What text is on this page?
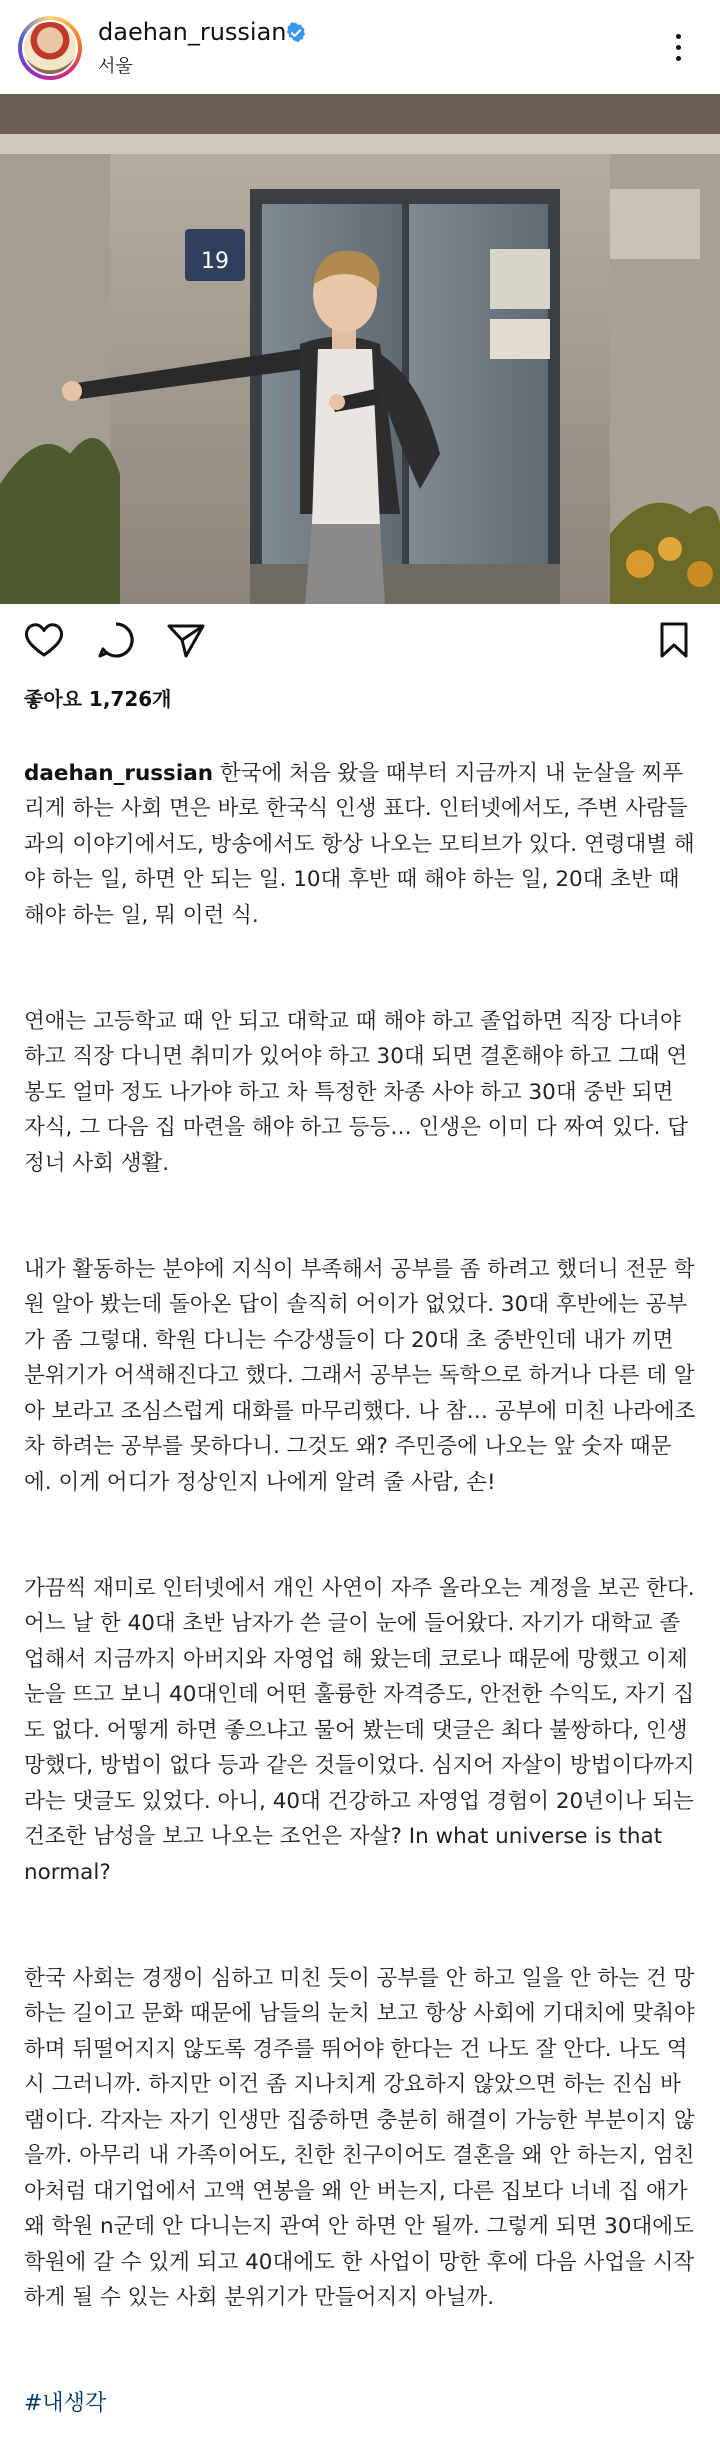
daehan_russian
서울
19
좋아요 1,726개

daehan_russian 한국에 처음 왔을 때부터 지금까지 내 눈살을 찌푸리게 하는 사회 면은 바로 한국식 인생 표다. 인터넷에서도, 주변 사람들과의 이야기에서도, 방송에서도 항상 나오는 모티브가 있다. 연령대별 해야 하는 일, 하면 안 되는 일. 10대 후반 때 해야 하는 일, 20대 초반 때 해야 하는 일, 뭐 이런 식.

연애는 고등학교 때 안 되고 대학교 때 해야 하고 졸업하면 직장 다녀야 하고 직장 다니면 취미가 있어야 하고 30대 되면 결혼해야 하고 그때 연봉도 얼마 정도 나가야 하고 차 특정한 차종 사야 하고 30대 중반 되면 자식, 그 다음 집 마련을 해야 하고 등등… 인생은 이미 다 짜여 있다. 답정너 사회 생활.

내가 활동하는 분야에 지식이 부족해서 공부를 좀 하려고 했더니 전문 학원 알아 봤는데 돌아온 답이 솔직히 어이가 없었다. 30대 후반에는 공부가 좀 그렇대. 학원 다니는 수강생들이 다 20대 초 중반인데 내가 끼면 분위기가 어색해진다고 했다. 그래서 공부는 독학으로 하거나 다른 데 알아 보라고 조심스럽게 대화를 마무리했다. 나 참… 공부에 미친 나라에조차 하려는 공부를 못하다니. 그것도 왜? 주민증에 나오는 앞 숫자 때문에. 이게 어디가 정상인지 나에게 알려 줄 사람, 손!

가끔씩 재미로 인터넷에서 개인 사연이 자주 올라오는 계정을 보곤 한다. 어느 날 한 40대 초반 남자가 쓴 글이 눈에 들어왔다. 자기가 대학교 졸업해서 지금까지 아버지와 자영업 해 왔는데 코로나 때문에 망했고 이제 눈을 뜨고 보니 40대인데 어떤 훌륭한 자격증도, 안전한 수익도, 자기 집도 없다. 어떻게 하면 좋으냐고 물어 봤는데 댓글은 최다 불쌍하다, 인생 망했다, 방법이 없다 등과 같은 것들이었다. 심지어 자살이 방법이다까지라는 댓글도 있었다. 아니, 40대 건강하고 자영업 경험이 20년이나 되는 건조한 남성을 보고 나오는 조언은 자살? In what universe is that normal?

한국 사회는 경쟁이 심하고 미친 듯이 공부를 안 하고 일을 안 하는 건 망하는 길이고 문화 때문에 남들의 눈치 보고 항상 사회에 기대치에 맞춰야 하며 뒤떨어지지 않도록 경주를 뛰어야 한다는 건 나도 잘 안다. 나도 역시 그러니까. 하지만 이건 좀 지나치게 강요하지 않았으면 하는 진심 바램이다. 각자는 자기 인생만 집중하면 충분히 해결이 가능한 부분이지 않을까. 아무리 내 가족이어도, 친한 친구이어도 결혼을 왜 안 하는지, 엄친아처럼 대기업에서 고액 연봉을 왜 안 버는지, 다른 집보다 너네 집 애가 왜 학원 n군데 안 다니는지 관여 안 하면 안 될까. 그렇게 되면 30대에도 학원에 갈 수 있게 되고 40대에도 한 사업이 망한 후에 다음 사업을 시작하게 될 수 있는 사회 분위기가 만들어지지 아닐까.

#내생각
